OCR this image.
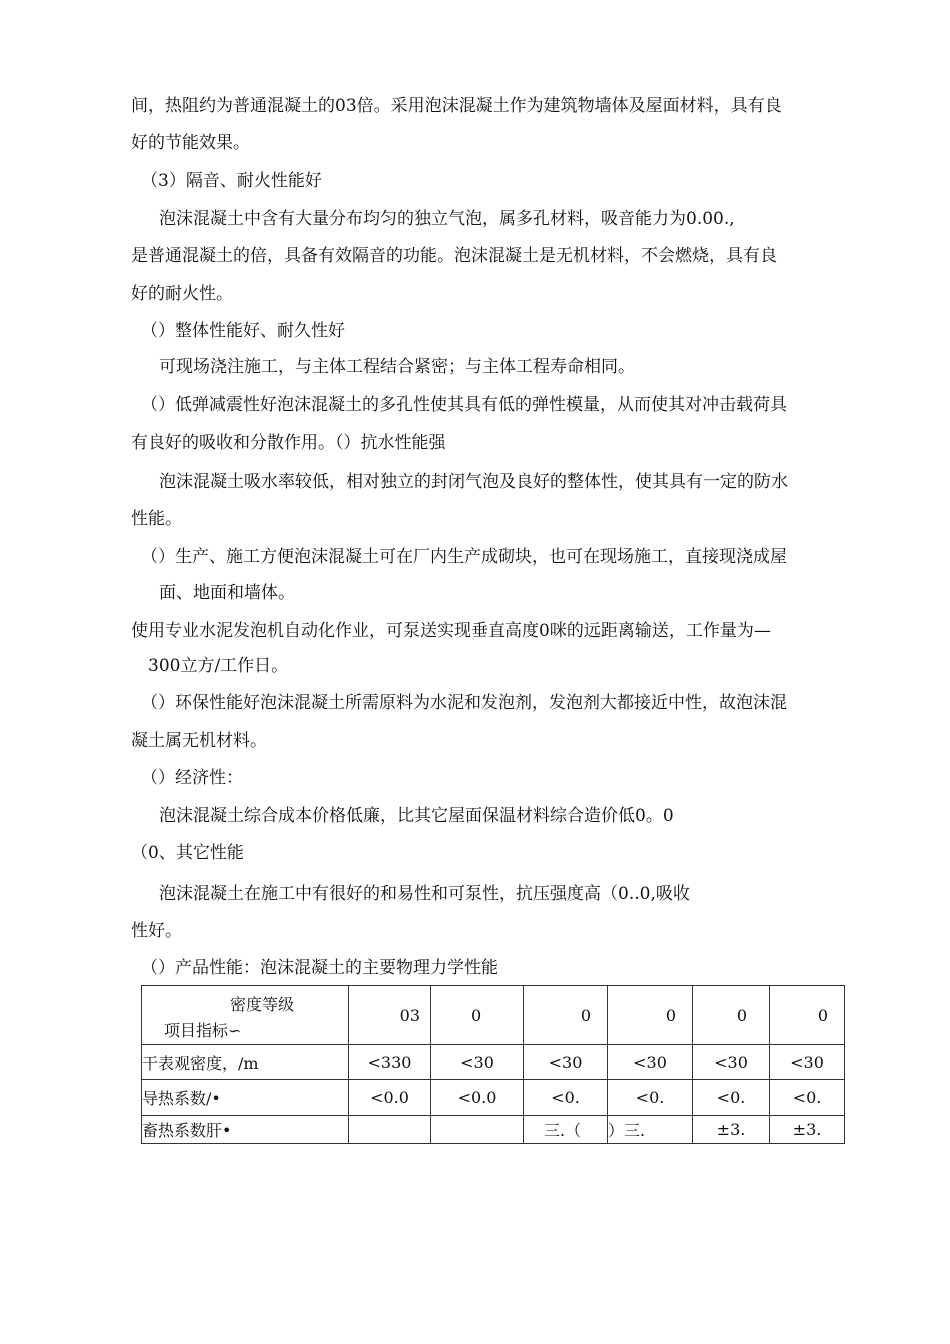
间，热阻约为普通混凝土的03倍。采用泡沫混凝土作为建筑物墙体及屋面材料，具有良
好的节能效果。
（3）隔音、耐火性能好
泡沫混凝土中含有大量分布均匀的独立气泡，属多孔材料，吸音能力为0.00.,
是普通混凝土的倍，具备有效隔音的功能。泡沫混凝土是无机材料，不会燃烧，具有良
好的耐火性。
（）整体性能好、耐久性好
可现场浇注施工，与主体工程结合紧密；与主体工程寿命相同。
（）低弹减震性好泡沫混凝土的多孔性使其具有低的弹性模量，从而使其对冲击载荷具
有良好的吸收和分散作用。（）抗水性能强
泡沫混凝土吸水率较低，相对独立的封闭气泡及良好的整体性，使其具有一定的防水
性能。
（）生产、施工方便泡沫混凝土可在厂内生产成砌块，也可在现场施工，直接现浇成屋
面、地面和墙体。
使用专业水泥发泡机自动化作业，可泵送实现垂直高度0咪的远距离输送，工作量为—
300立方/工作日。
（）环保性能好泡沫混凝土所需原料为水泥和发泡剂，发泡剂大都接近中性，故泡沫混
凝土属无机材料。
（）经济性：
泡沫混凝土综合成本价格低廉，比其它屋面保温材料综合造价低0。0
（0、其它性能
泡沫混凝土在施工中有很好的和易性和可泵性，抗压强度高（0..0,吸收
性好。
（）产品性能：泡沫混凝土的主要物理力学性能
密度等级
项目指标∽	03	0	0	0	0	0
干表观密度，/m	<330	<30	<30	<30	<30	<30
导热系数/•	<0.0	<0.0	<0.	<0.	<0.	<0.
畜热系数肝•			三.（	）三.	±3.	±3.
